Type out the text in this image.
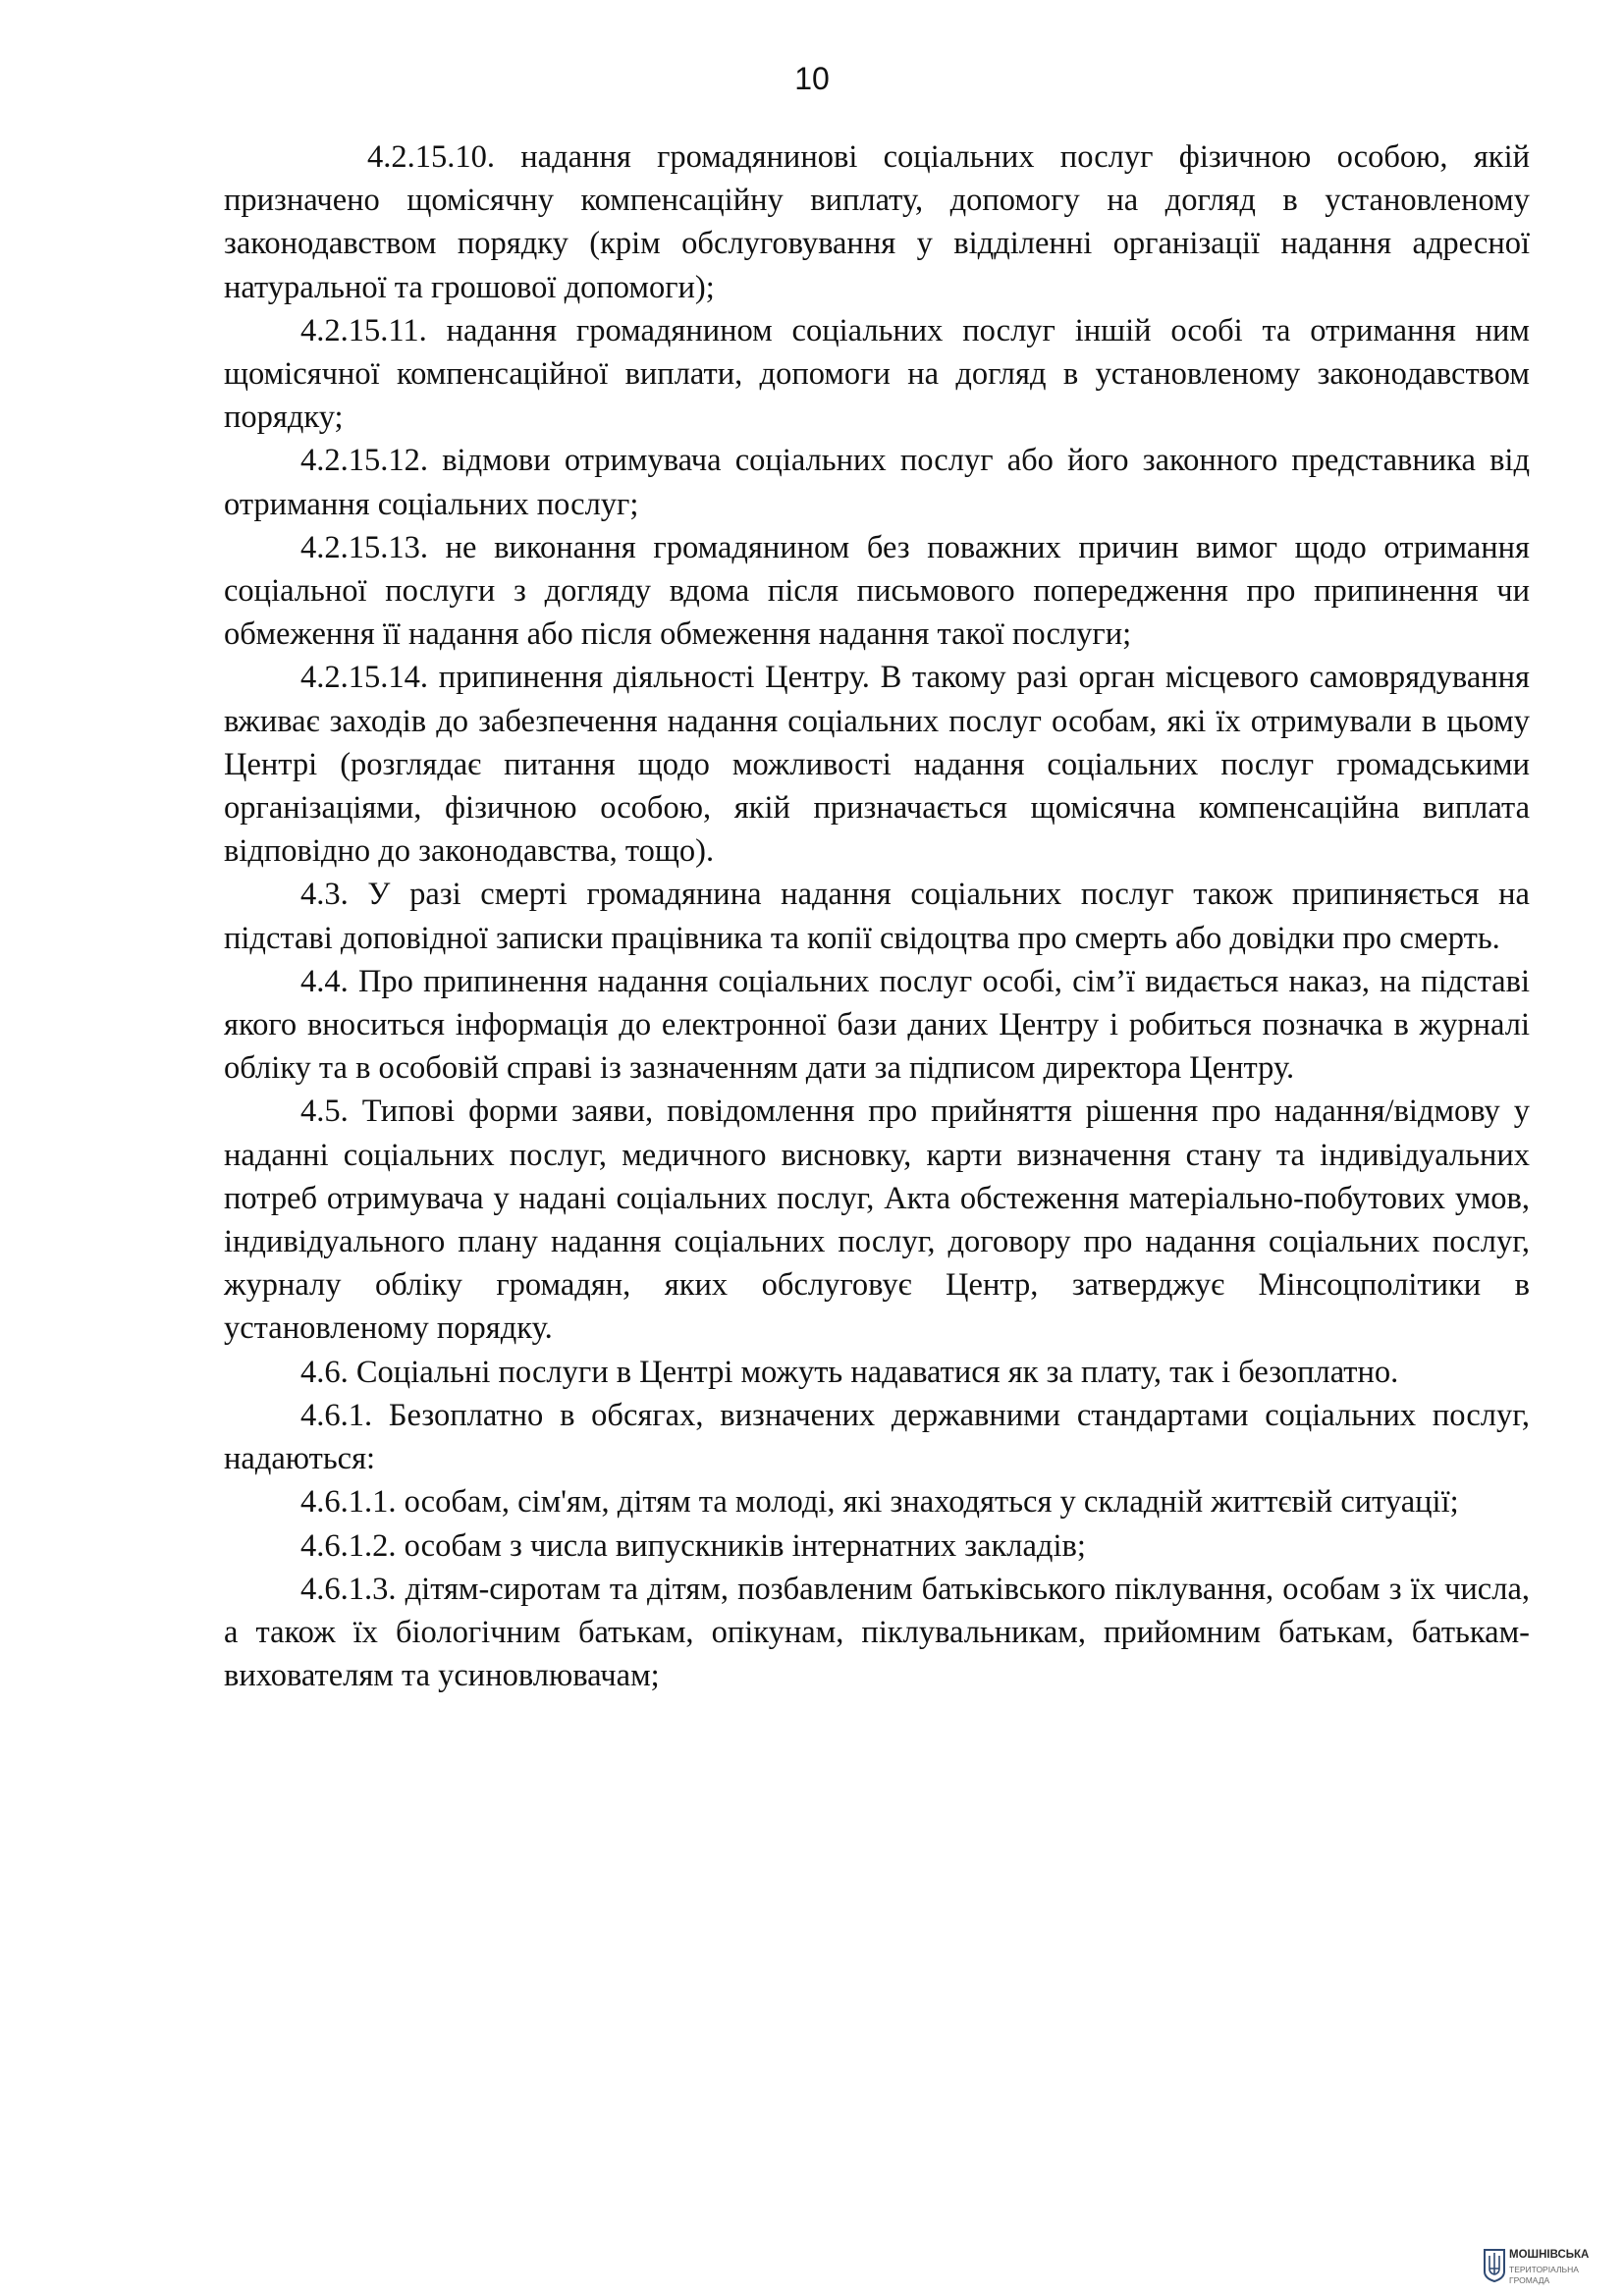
10

4.2.15.10. надання громадянинові соціальних послуг фізичною особою, якій призначено щомісячну компенсаційну виплату, допомогу на догляд в установленому законодавством порядку (крім обслуговування у відділенні організації надання адресної натуральної та грошової допомоги);

4.2.15.11. надання громадянином соціальних послуг іншій особі та отримання ним щомісячної компенсаційної виплати, допомоги на догляд в установленому законодавством порядку;

4.2.15.12. відмови отримувача соціальних послуг або його законного представника від отримання соціальних послуг;

4.2.15.13. не виконання громадянином без поважних причин вимог щодо отримання соціальної послуги з догляду вдома після письмового попередження про припинення чи обмеження її надання або після обмеження надання такої послуги;

4.2.15.14. припинення діяльності Центру. В такому разі орган місцевого самоврядування вживає заходів до забезпечення надання соціальних послуг особам, які їх отримували в цьому Центрі (розглядає питання щодо можливості надання соціальних послуг громадськими організаціями, фізичною особою, якій призначається щомісячна компенсаційна виплата відповідно до законодавства, тощо).

4.3. У разі смерті громадянина надання соціальних послуг також припиняється на підставі доповідної записки працівника та копії свідоцтва про смерть або довідки про смерть.

4.4. Про припинення надання соціальних послуг особі, сім’ї видається наказ, на підставі якого вноситься інформація до електронної бази даних Центру і робиться позначка в журналі обліку та в особовій справі із зазначенням дати за підписом директора Центру.

4.5. Типові форми заяви, повідомлення про прийняття рішення про надання/відмову у наданні соціальних послуг, медичного висновку, карти визначення стану та індивідуальних потреб отримувача у надані соціальних послуг, Акта обстеження матеріально-побутових умов, індивідуального плану надання соціальних послуг, договору про надання соціальних послуг, журналу обліку громадян, яких обслуговує Центр, затверджує Мінсоцполітики в установленому порядку.

4.6. Соціальні послуги в Центрі можуть надаватися як за плату, так і безоплатно.

4.6.1. Безоплатно в обсягах, визначених державними стандартами соціальних послуг, надаються:

4.6.1.1. особам, сім'ям, дітям та молоді, які знаходяться у складній життєвій ситуації;

4.6.1.2. особам з числа випускників інтернатних закладів;

4.6.1.3. дітям-сиротам та дітям, позбавленим батьківського піклування, особам з їх числа, а також їх біологічним батькам, опікунам, піклувальникам, прийомним батькам, батькам-вихователям та усиновлювачам;

МОШНІВСЬКА
ТЕРИТОРІАЛЬНА
ГРОМАДА
